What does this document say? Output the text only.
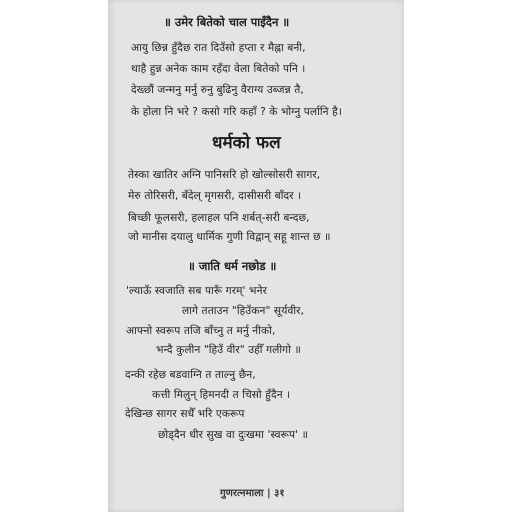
॥ उमेर बितेको चाल पाइँदैन ॥
आयु छिन्न हुँदैछ रात दिउँसो हप्ता र मैह्ना बनी,
थाहै हुन्न अनेक काम रहँदा वेला बितेको पनि ।
देख्छौं जन्मनु मर्नु रुनु बुढिनु वैराग्य उब्जन्न तै,
के होला नि भरे ? कसो गरि कहाँ ? के भोग्नु पर्लानि है।
धर्मको फल
तेस्का खातिर अग्नि पानिसरि हो खोल्सोसरी सागर,
मेरु तोरिसरी, बँदेल् मृगसरी, दासीसरी बाँदर ।
बिच्छी फूलसरी, हलाहल पनि शर्बत्-सरी बन्दछ,
जो मानीस दयालु धार्मिक गुणी विद्वान् सहू शान्त छ ॥
॥ जाति धर्म नछोड ॥
'ल्याऊँ स्वजाति सब पारूँ गरम्' भनेर
लागे तताउन "हिउँकन" सूर्यवीर,
आफ्नो स्वरूप तजि बाँच्नु त मर्नु नीको,
भन्दै कुलीन "हिउँ वीर" उहीँ गलीगो ॥
दन्की रहेछ बडवाग्नि त ताल्नु छैन,
कत्ती मिलुन् हिमनदी त चिसो हुँदैन ।
देखिन्छ सागर सधैँ भरि एकरूप
छोड्दैन धीर सुख वा दुःखमा 'स्वरूप' ॥
गुणरत्नमाला | ३१
